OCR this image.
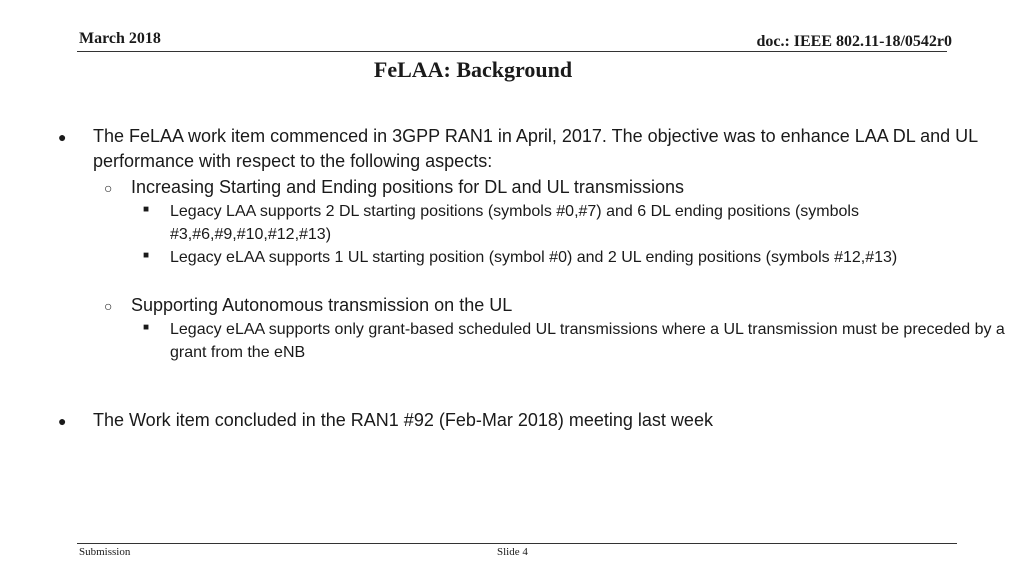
March 2018	doc.: IEEE 802.11-18/0542r0
FeLAA: Background
● The FeLAA work item commenced in 3GPP RAN1 in April, 2017. The objective was to enhance LAA DL and UL performance with respect to the following aspects:
○ Increasing Starting and Ending positions for DL and UL transmissions
■ Legacy LAA supports 2 DL starting positions (symbols #0,#7) and 6 DL ending positions (symbols #3,#6,#9,#10,#12,#13)
■ Legacy eLAA supports 1 UL starting position (symbol #0) and 2 UL ending positions (symbols #12,#13)
○ Supporting Autonomous transmission on the UL
■ Legacy eLAA supports only grant-based scheduled UL transmissions where a UL transmission must be preceded by a grant from the eNB
● The Work item concluded in the RAN1 #92 (Feb-Mar 2018) meeting last week
Submission	Slide 4
